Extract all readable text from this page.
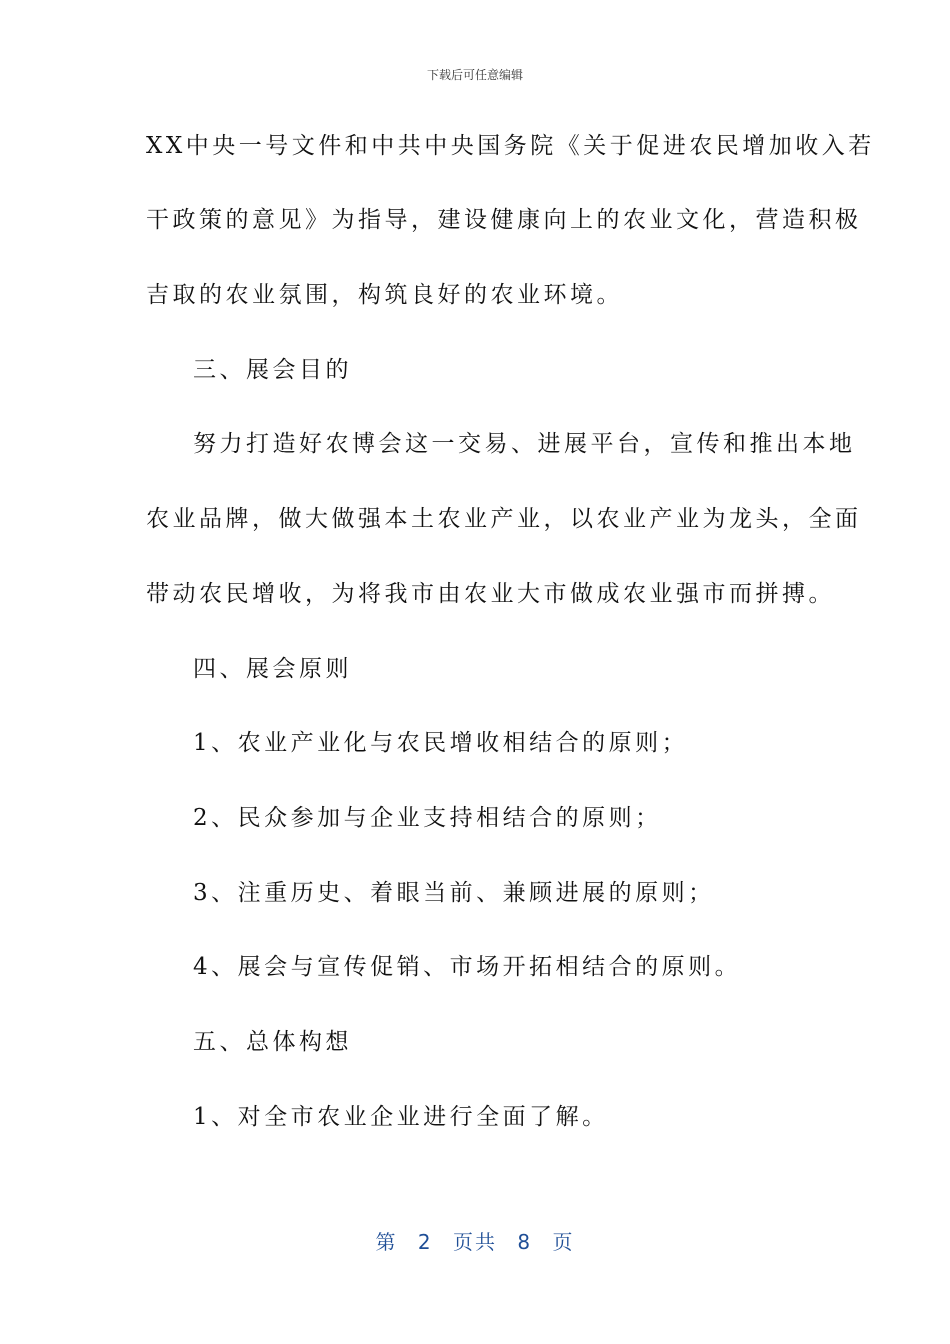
下载后可任意编辑
XX中央一号文件和中共中央国务院《关于促进农民增加收入若
干政策的意见》为指导，建设健康向上的农业文化，营造积极
吉取的农业氛围，构筑良好的农业环境。
三、展会目的
努力打造好农博会这一交易、进展平台，宣传和推出本地
农业品牌，做大做强本土农业产业，以农业产业为龙头，全面
带动农民增收，为将我市由农业大市做成农业强市而拼搏。
四、展会原则
1、农业产业化与农民增收相结合的原则；
2、民众参加与企业支持相结合的原则；
3、注重历史、着眼当前、兼顾进展的原则；
4、展会与宣传促销、市场开拓相结合的原则。
五、总体构想
1、对全市农业企业进行全面了解。
第 2 页共 8 页
